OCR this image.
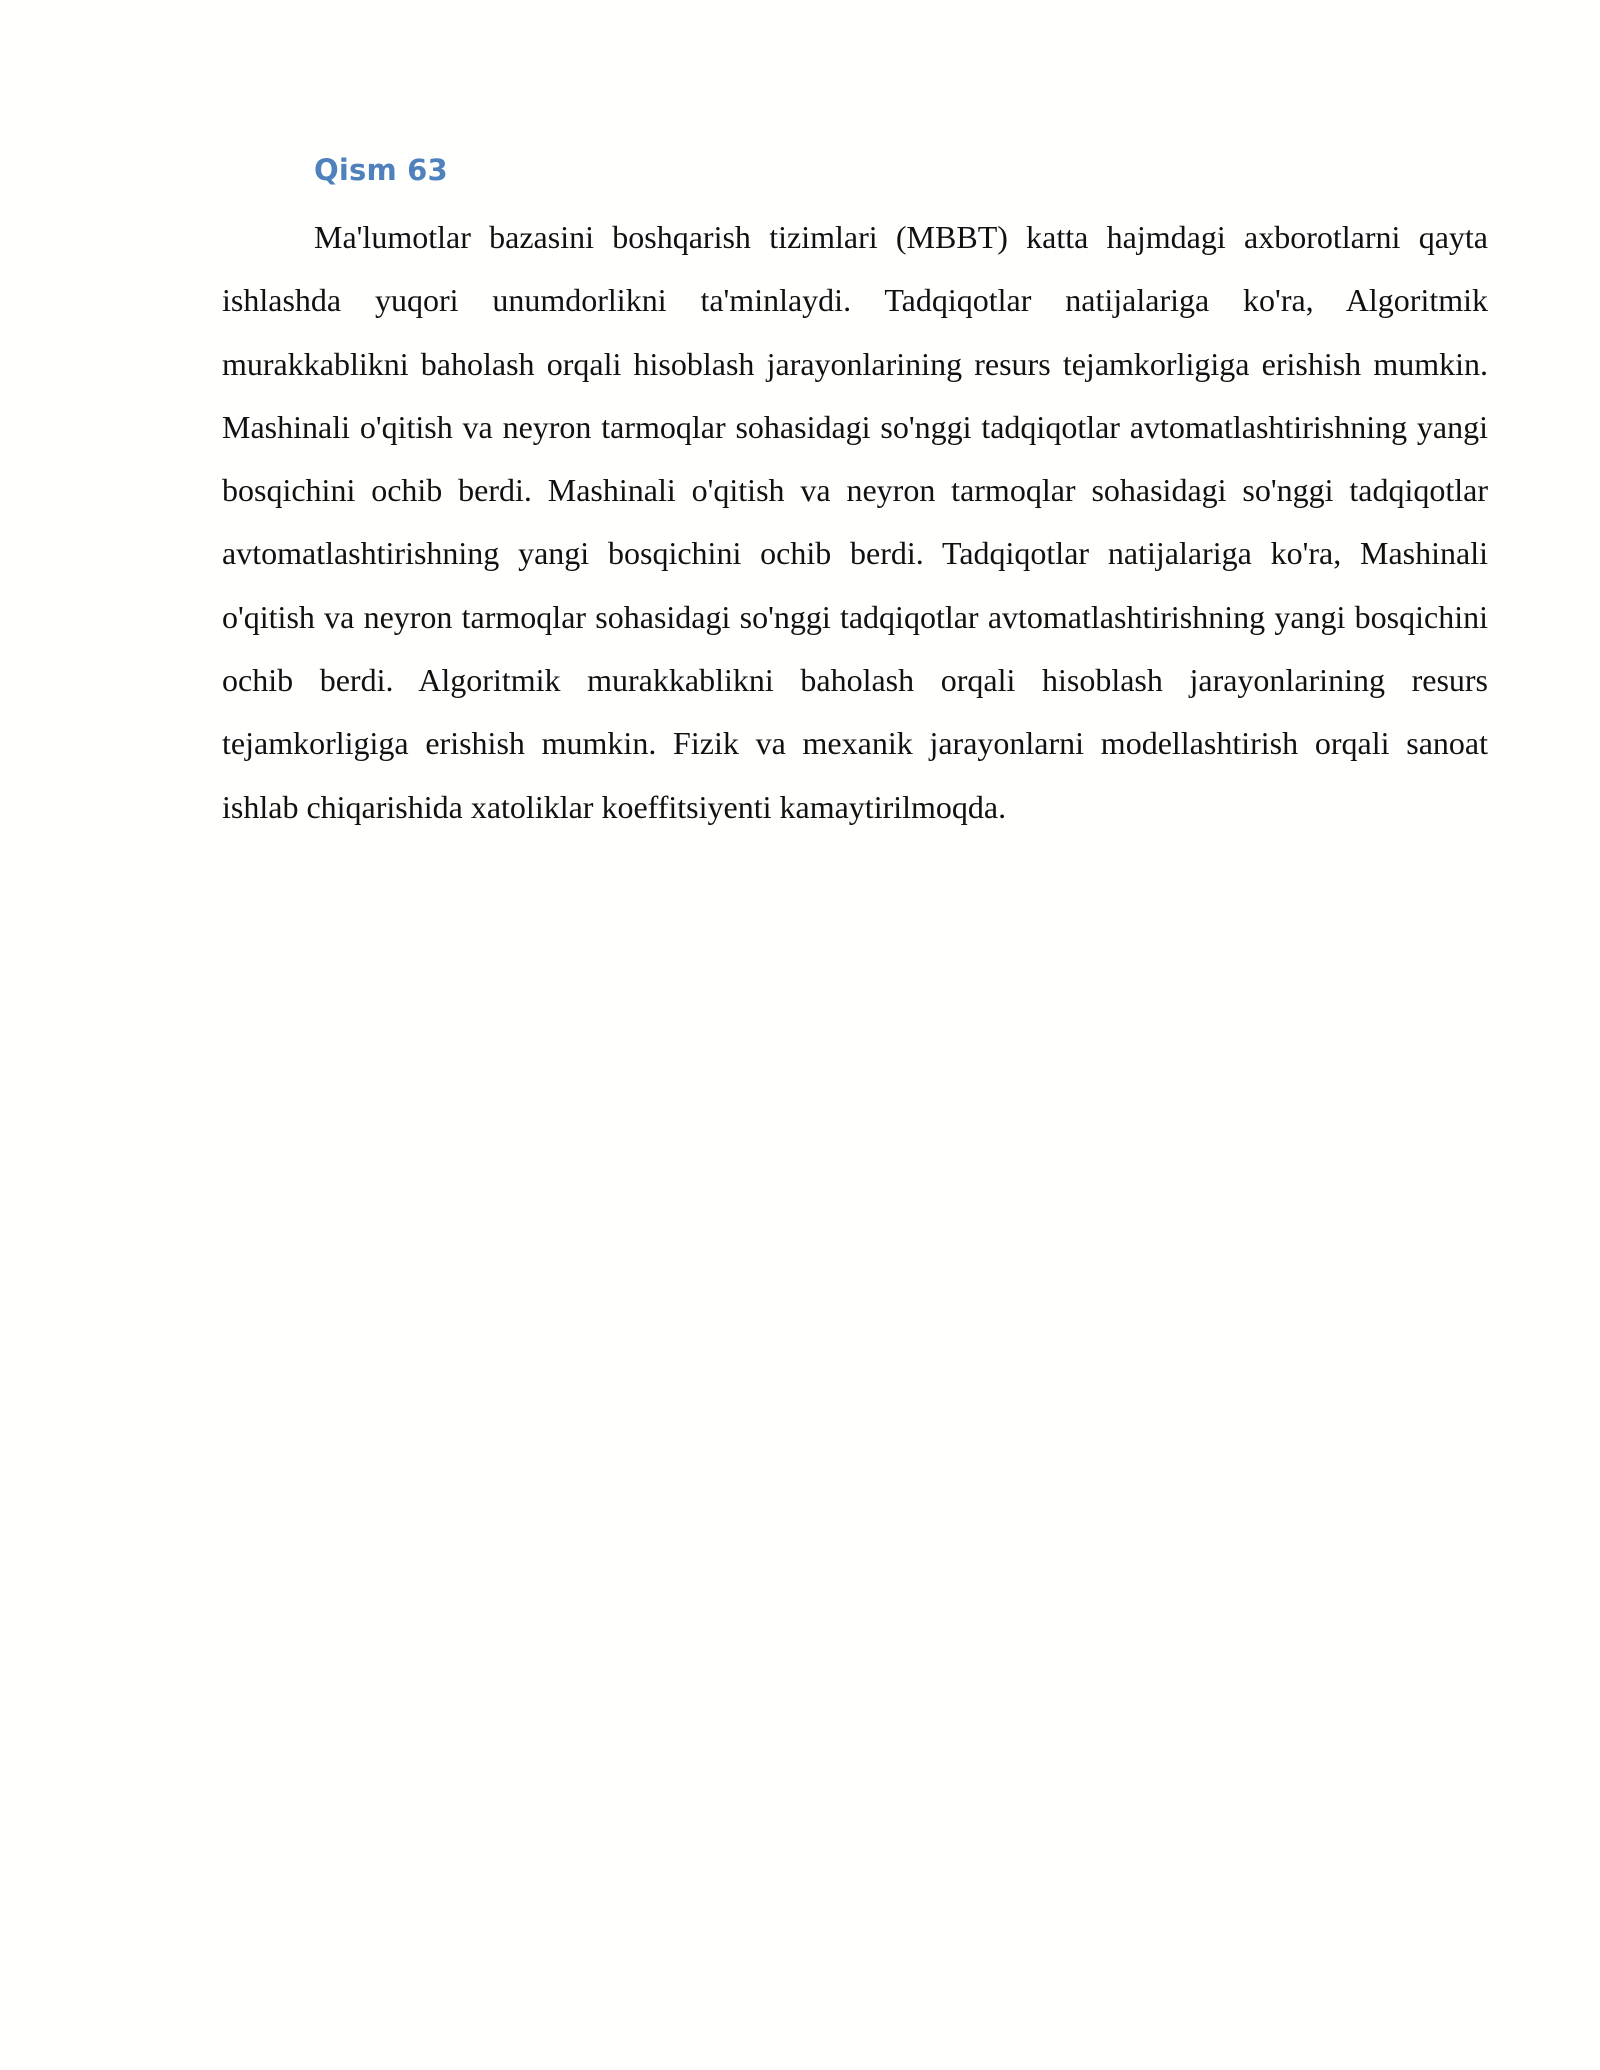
Qism 63

Ma'lumotlar bazasini boshqarish tizimlari (MBBT) katta hajmdagi axborotlarni qayta ishlashda yuqori unumdorlikni ta'minlaydi. Tadqiqotlar natijalariga ko'ra, Algoritmik murakkablikni baholash orqali hisoblash jarayonlarining resurs tejamkorligiga erishish mumkin. Mashinali o'qitish va neyron tarmoqlar sohasidagi so'nggi tadqiqotlar avtomatlashtirishning yangi bosqichini ochib berdi. Mashinali o'qitish va neyron tarmoqlar sohasidagi so'nggi tadqiqotlar avtomatlashtirishning yangi bosqichini ochib berdi. Tadqiqotlar natijalariga ko'ra, Mashinali o'qitish va neyron tarmoqlar sohasidagi so'nggi tadqiqotlar avtomatlashtirishning yangi bosqichini ochib berdi. Algoritmik murakkablikni baholash orqali hisoblash jarayonlarining resurs tejamkorligiga erishish mumkin. Fizik va mexanik jarayonlarni modellashtirish orqali sanoat ishlab chiqarishida xatoliklar koeffitsiyenti kamaytirilmoqda.
